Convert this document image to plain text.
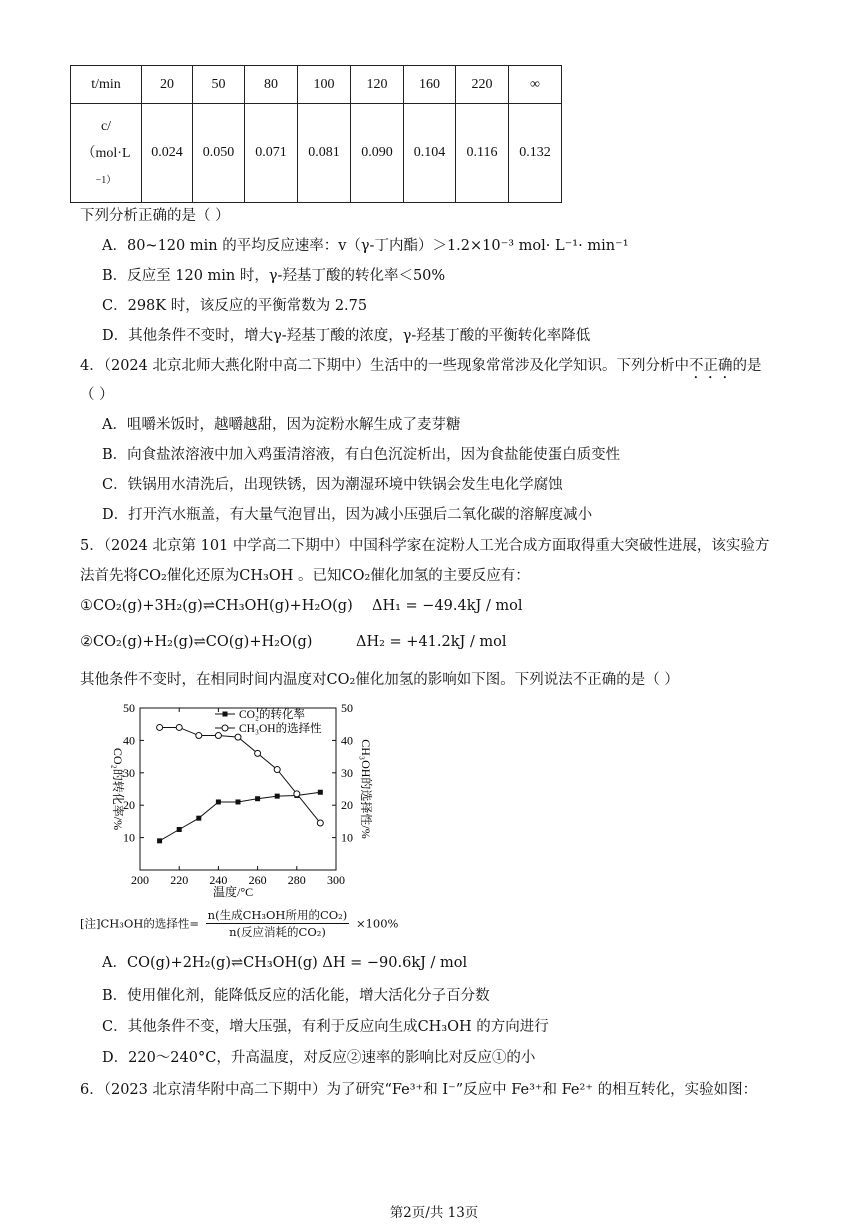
t/min	20	50	80	100	120	160	220	∞

c/
（mol·L
−1）	0.024	0.050	0.071	0.081	0.090	0.104	0.116	0.132
下列分析正确的是（ ）
A．80~120 min 的平均反应速率：v（γ-丁内酯）＞1.2×10⁻³ mol· L⁻¹· min⁻¹
B．反应至 120 min 时，γ-羟基丁酸的转化率＜50%
C．298K 时，该反应的平衡常数为 2.75
D．其他条件不变时，增大γ-羟基丁酸的浓度，γ-羟基丁酸的平衡转化率降低
4．（2024 北京北师大燕化附中高二下期中）生活中的一些现象常常涉及化学知识。下列分析中不正确的是
（ ）
A．咀嚼米饭时，越嚼越甜，因为淀粉水解生成了麦芽糖
B．向食盐浓溶液中加入鸡蛋清溶液，有白色沉淀析出，因为食盐能使蛋白质变性
C．铁锅用水清洗后，出现铁锈，因为潮湿环境中铁锅会发生电化学腐蚀
D．打开汽水瓶盖，有大量气泡冒出，因为减小压强后二氧化碳的溶解度减小
5．（2024 北京第 101 中学高二下期中）中国科学家在淀粉人工光合成方面取得重大突破性进展，该实验方
法首先将CO₂催化还原为CH₃OH 。已知CO₂催化加氢的主要反应有：
①CO₂(g)+3H₂(g)⇌CH₃OH(g)+H₂O(g) ΔH₁ = −49.4kJ / mol
②CO₂(g)+H₂(g)⇌CO(g)+H₂O(g)	ΔH₂ = +41.2kJ / mol
其他条件不变时，在相同时间内温度对CO₂催化加氢的影响如下图。下列说法不正确的是（ ）
200 220 240 260 280 300
10	10
20	20
30	30
40	40
50	50
CO₂的转化率
CH₃OH的选择性
CO₂的转化率/%	CH₃OH的选择性/%
温度/°C
[注]CH₃OH的选择性=
n(生成CH₃OH所用的CO₂)
n(反应消耗的CO₂)
×100%
A．CO(g)+2H₂(g)⇌CH₃OH(g) ΔH = −90.6kJ / mol
B．使用催化剂，能降低反应的活化能，增大活化分子百分数
C．其他条件不变，增大压强，有利于反应向生成CH₃OH 的方向进行
D．220～240°C，升高温度，对反应②速率的影响比对反应①的小
6．（2023 北京清华附中高二下期中）为了研究“Fe³⁺和 I⁻”反应中 Fe³⁺和 Fe²⁺ 的相互转化，实验如图：
第2页/共 13页
